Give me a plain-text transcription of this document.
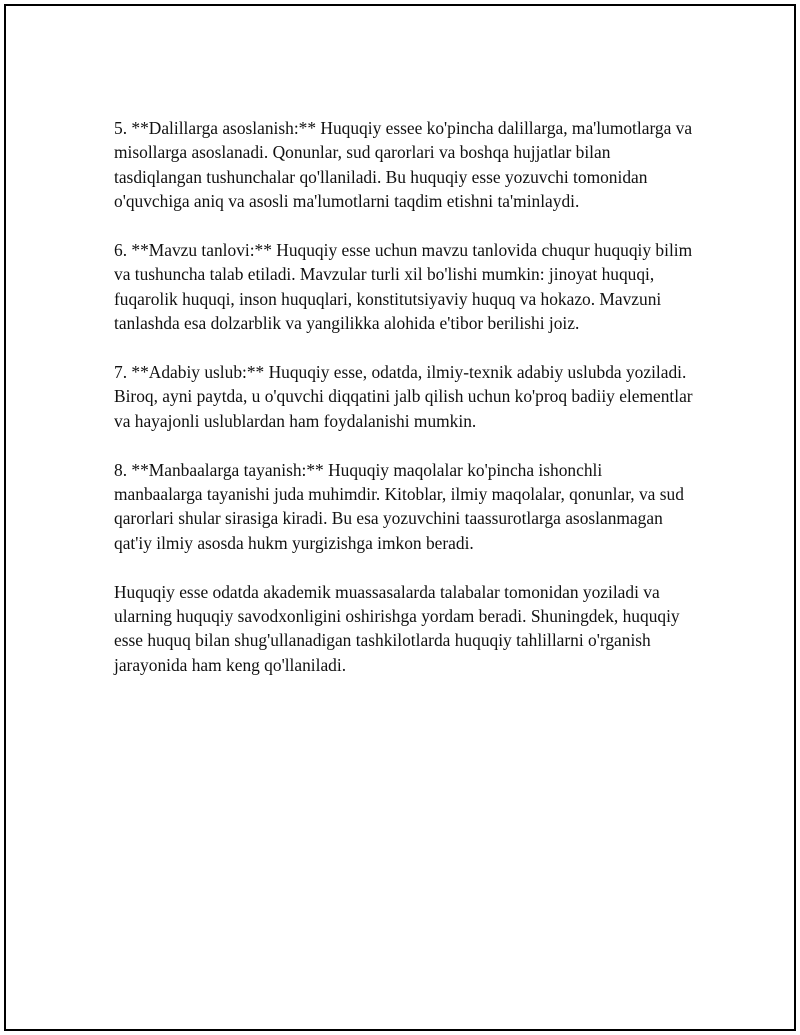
5. **Dalillarga asoslanish:** Huquqiy essee ko'pincha dalillarga, ma'lumotlarga va misollarga asoslanadi. Qonunlar, sud qarorlari va boshqa hujjatlar bilan tasdiqlangan tushunchalar qo'llaniladi. Bu huquqiy esse yozuvchi tomonidan o'quvchiga aniq va asosli ma'lumotlarni taqdim etishni ta'minlaydi.

6. **Mavzu tanlovi:** Huquqiy esse uchun mavzu tanlovida chuqur huquqiy bilim va tushuncha talab etiladi. Mavzular turli xil bo'lishi mumkin: jinoyat huquqi, fuqarolik huquqi, inson huquqlari, konstitutsiyaviy huquq va hokazo. Mavzuni tanlashda esa dolzarblik va yangilikka alohida e'tibor berilishi joiz.

7. **Adabiy uslub:** Huquqiy esse, odatda, ilmiy-texnik adabiy uslubda yoziladi. Biroq, ayni paytda, u o'quvchi diqqatini jalb qilish uchun ko'proq badiiy elementlar va hayajonli uslublardan ham foydalanishi mumkin.

8. **Manbaalarga tayanish:** Huquqiy maqolalar ko'pincha ishonchli manbaalarga tayanishi juda muhimdir. Kitoblar, ilmiy maqolalar, qonunlar, va sud qarorlari shular sirasiga kiradi. Bu esa yozuvchini taassurotlarga asoslanmagan qat'iy ilmiy asosda hukm yurgizishga imkon beradi.

Huquqiy esse odatda akademik muassasalarda talabalar tomonidan yoziladi va ularning huquqiy savodxonligini oshirishga yordam beradi. Shuningdek, huquqiy esse huquq bilan shug'ullanadigan tashkilotlarda huquqiy tahlillarni o'rganish jarayonida ham keng qo'llaniladi.
